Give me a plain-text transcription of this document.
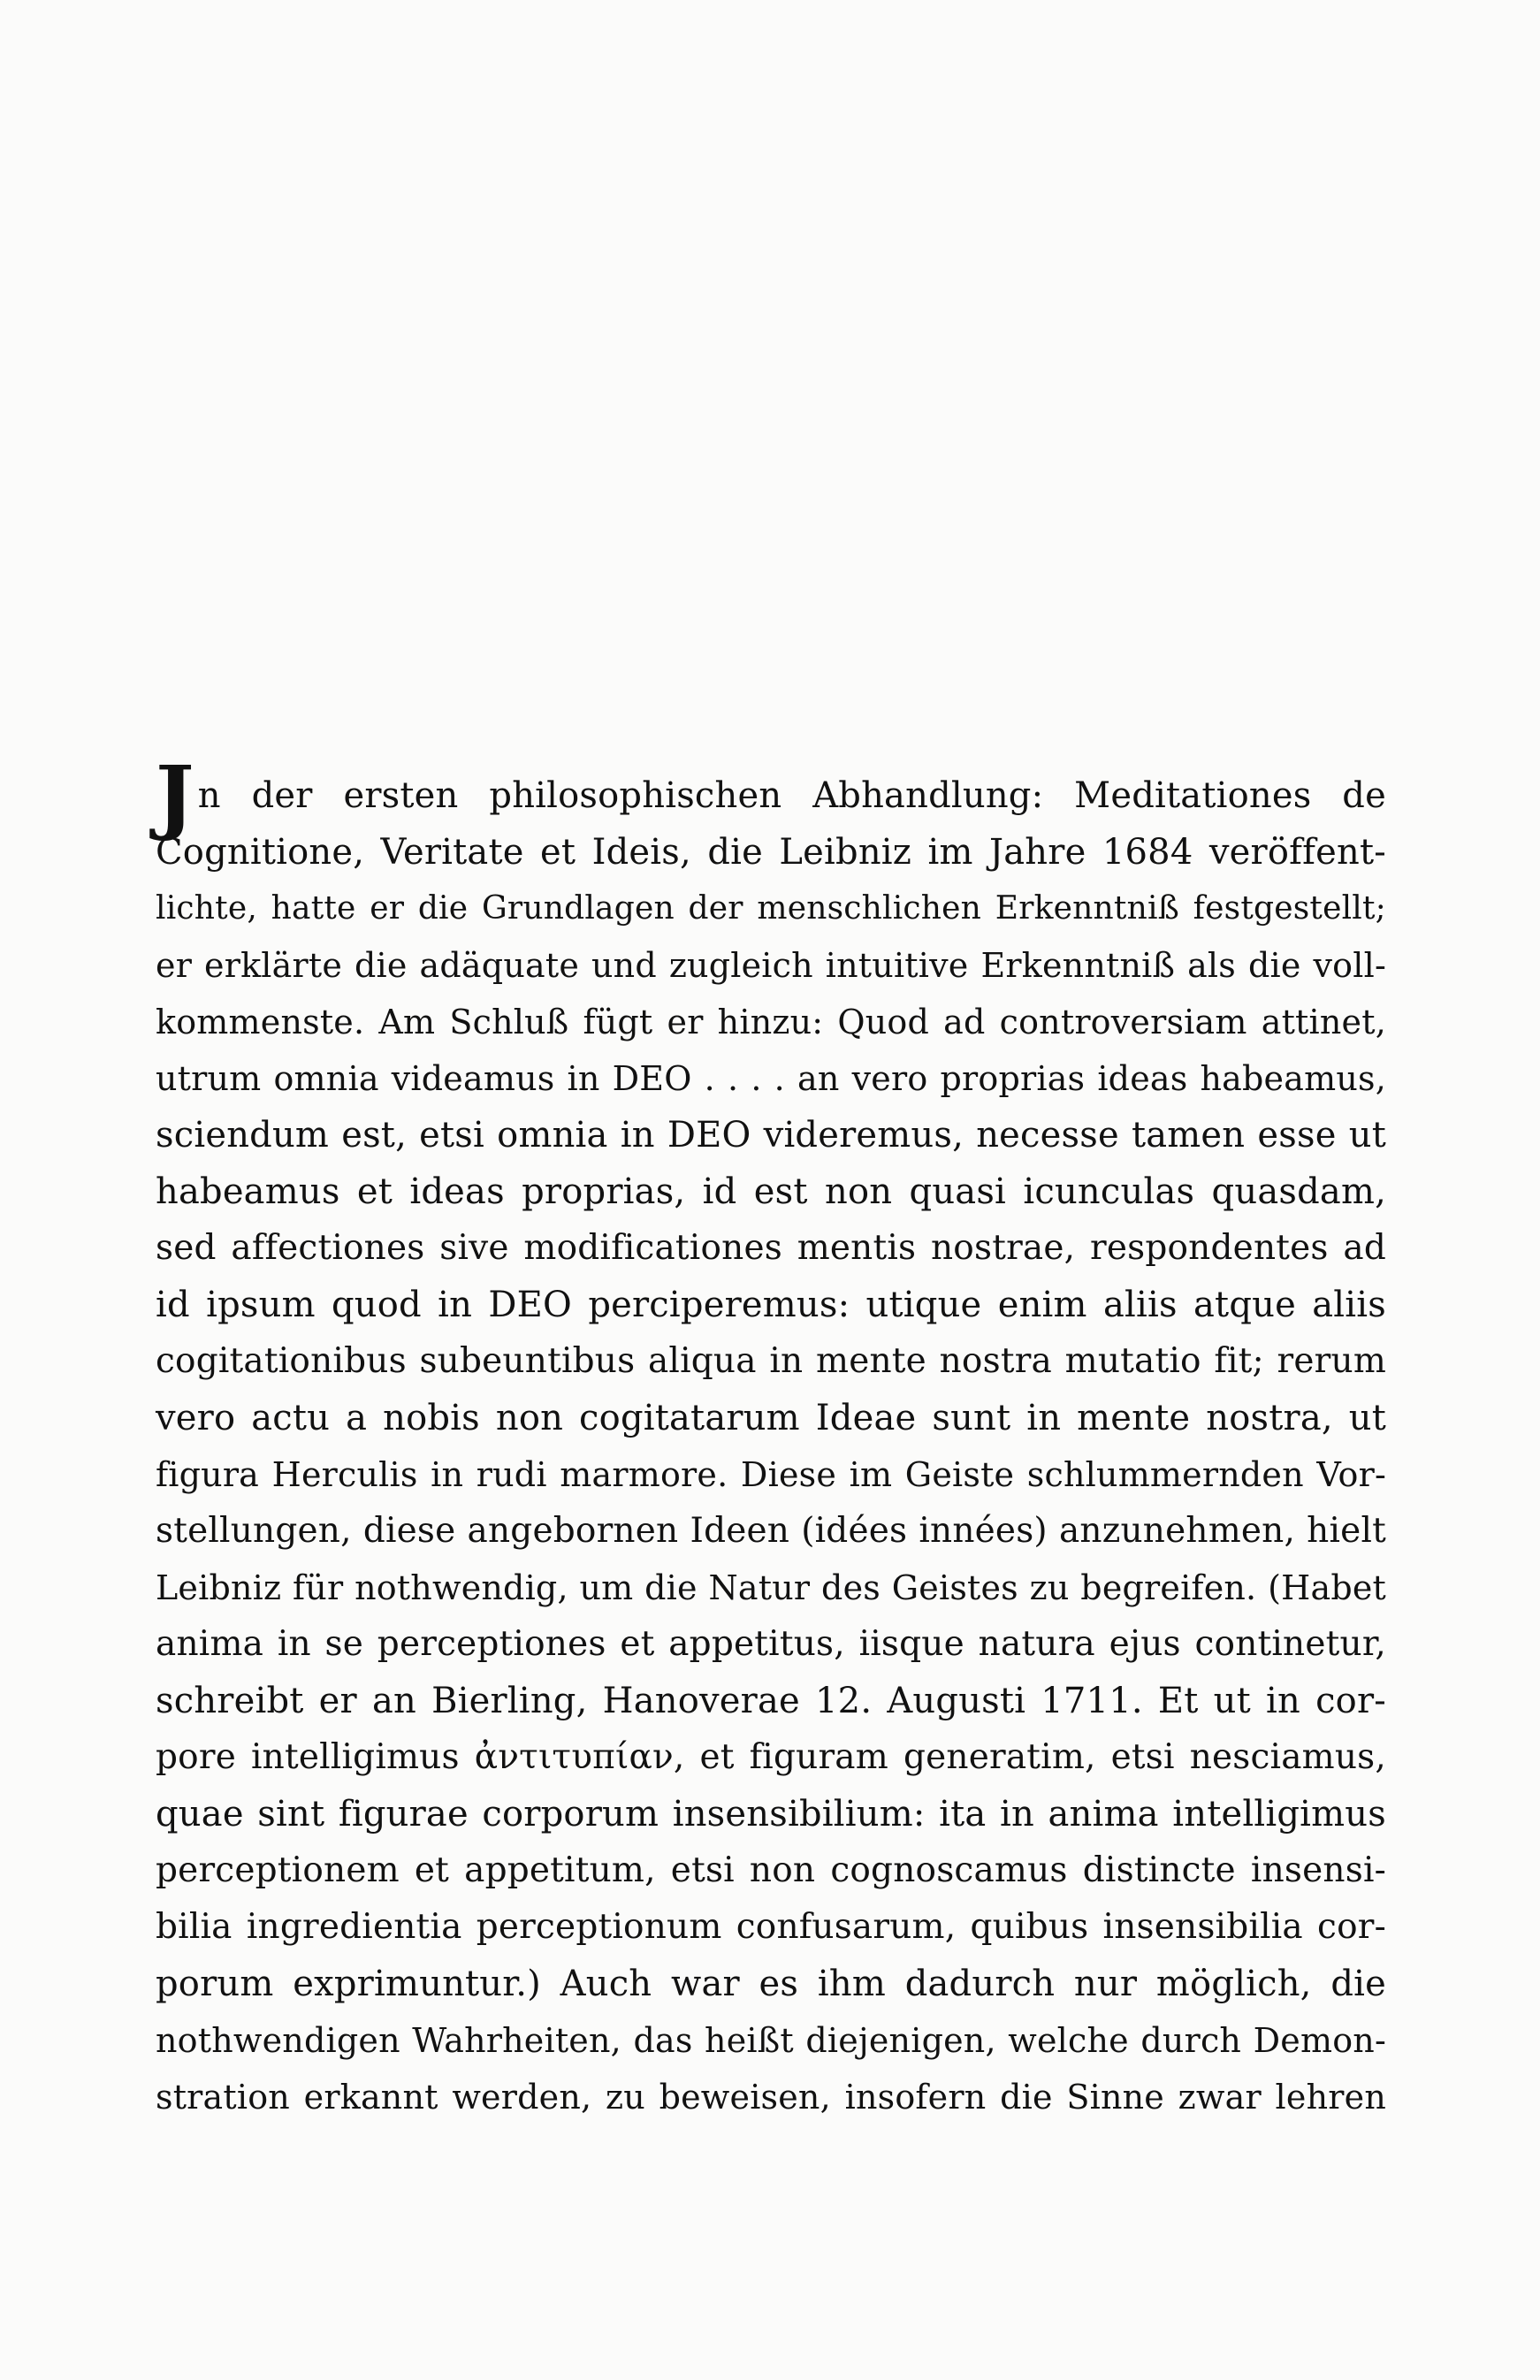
Jn der ersten philosophischen Abhandlung: Meditationes de
Cognitione, Veritate et Ideis, die Leibniz im Jahre 1684 veröffent-
lichte, hatte er die Grundlagen der menschlichen Erkenntniß festgestellt;
er erklärte die adäquate und zugleich intuitive Erkenntniß als die voll-
kommenste. Am Schluß fügt er hinzu: Quod ad controversiam attinet,
utrum omnia videamus in DEO . . . . an vero proprias ideas habeamus,
sciendum est, etsi omnia in DEO videremus, necesse tamen esse ut
habeamus et ideas proprias, id est non quasi icunculas quasdam,
sed affectiones sive modificationes mentis nostrae, respondentes ad
id ipsum quod in DEO perciperemus: utique enim aliis atque aliis
cogitationibus subeuntibus aliqua in mente nostra mutatio fit; rerum
vero actu a nobis non cogitatarum Ideae sunt in mente nostra, ut
figura Herculis in rudi marmore. Diese im Geiste schlummernden Vor-
stellungen, diese angebornen Ideen (idées innées) anzunehmen, hielt
Leibniz für nothwendig, um die Natur des Geistes zu begreifen. (Habet
anima in se perceptiones et appetitus, iisque natura ejus continetur,
schreibt er an Bierling, Hanoverae 12. Augusti 1711. Et ut in cor-
pore intelligimus ἀντιτυπίαν, et figuram generatim, etsi nesciamus,
quae sint figurae corporum insensibilium: ita in anima intelligimus
perceptionem et appetitum, etsi non cognoscamus distincte insensi-
bilia ingredientia perceptionum confusarum, quibus insensibilia cor-
porum exprimuntur.) Auch war es ihm dadurch nur möglich, die
nothwendigen Wahrheiten, das heißt diejenigen, welche durch Demon-
stration erkannt werden, zu beweisen, insofern die Sinne zwar lehren
